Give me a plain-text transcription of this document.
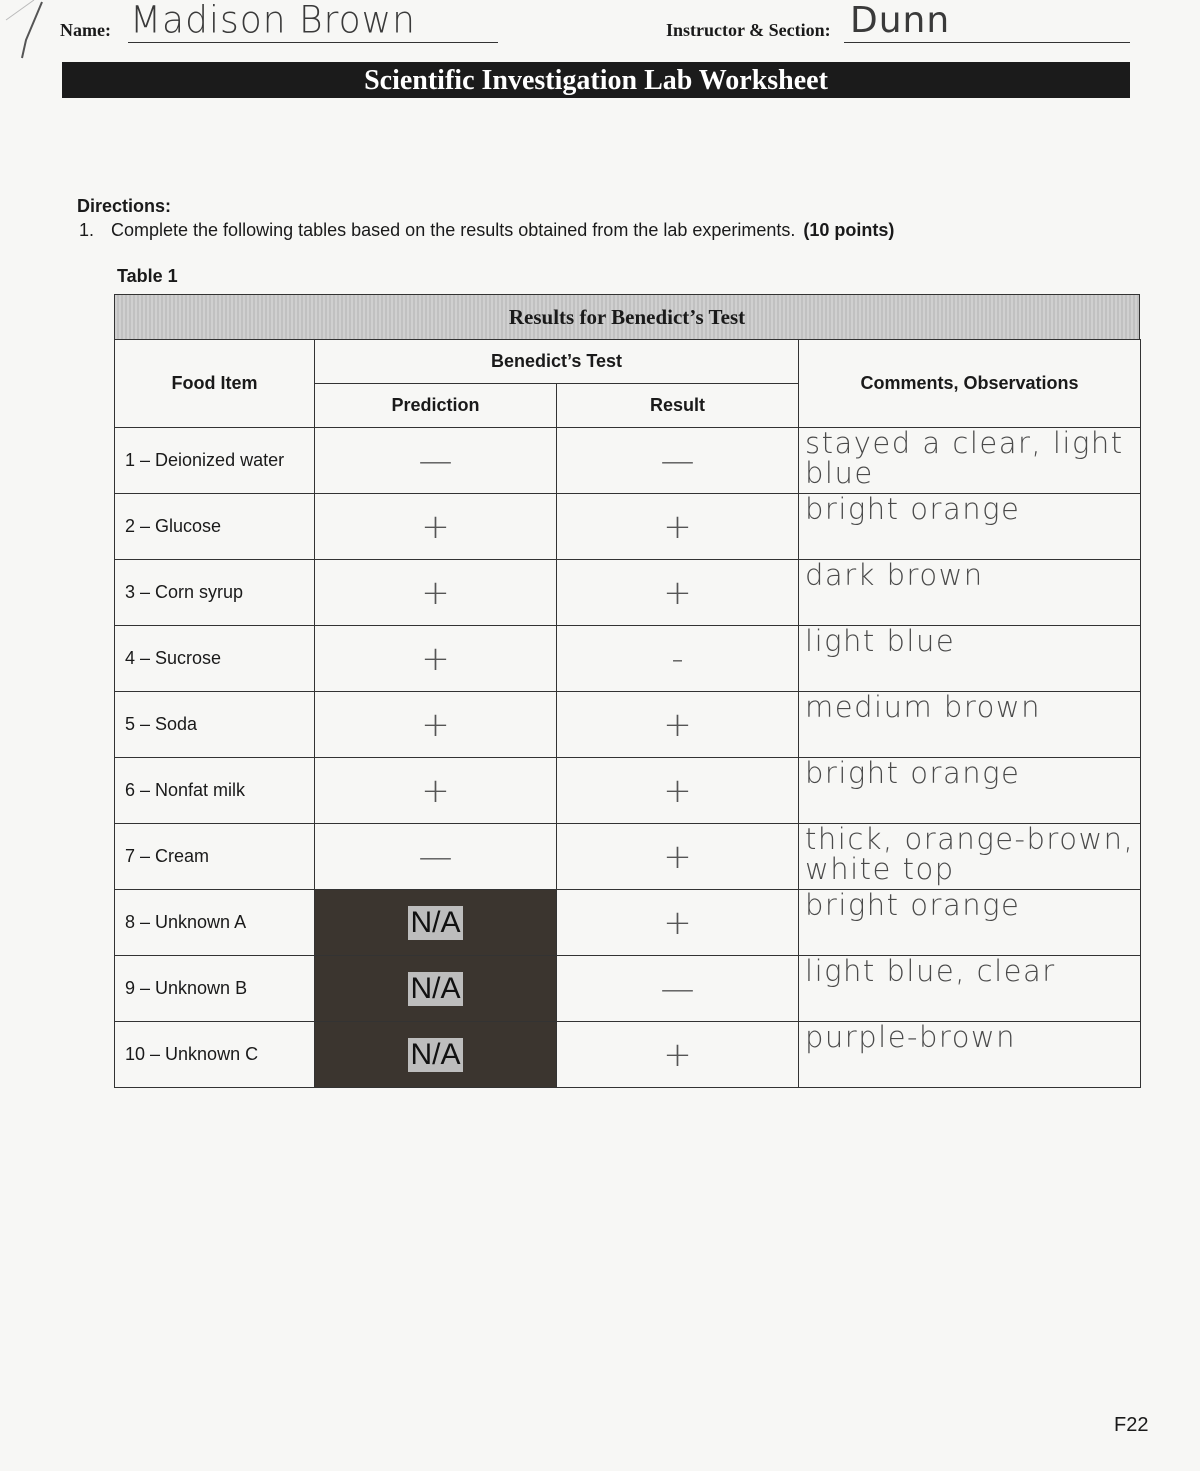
Name: Madison Brown	Instructor & Section: Dunn
Scientific Investigation Lab Worksheet
Directions:
1. Complete the following tables based on the results obtained from the lab experiments. (10 points)
Table 1
Results for Benedict’s Test
Food Item	Benedict’s Test		Comments, Observations
	Prediction	Result	
1 – Deionized water	—	—	stayed a clear, light blue
2 – Glucose	+	+	bright orange
3 – Corn syrup	+	+	dark brown
4 – Sucrose	+	-	light blue
5 – Soda	+	+	medium brown
6 – Nonfat milk	+	+	bright orange
7 – Cream	—	+	thick, orange-brown, white top
8 – Unknown A	N/A	+	bright orange
9 – Unknown B	N/A	—	light blue, clear
10 – Unknown C	N/A	+	purple-brown
F22
